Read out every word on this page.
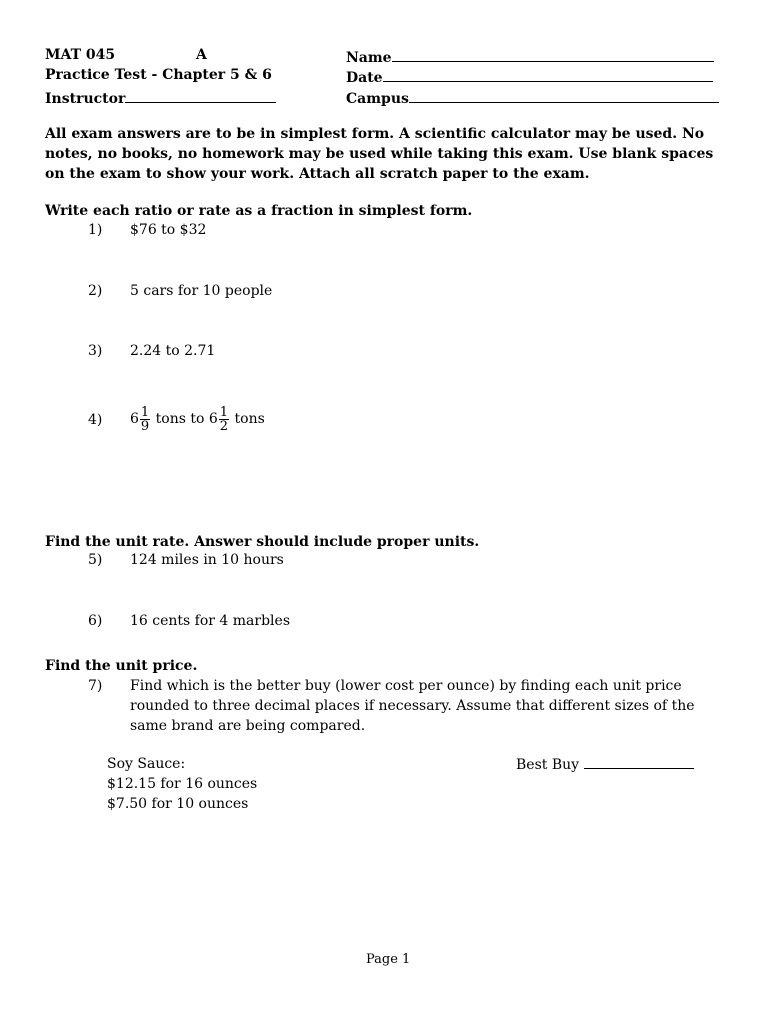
MAT 045	A
Practice Test - Chapter 5 & 6
Instructor
Name
Date
Campus
All exam answers are to be in simplest form. A scientific calculator may be used. No notes, no books, no homework may be used while taking this exam. Use blank spaces on the exam to show your work. Attach all scratch paper to the exam.
Write each ratio or rate as a fraction in simplest form.
1) $76 to $32
2) 5 cars for 10 people
3) 2.24 to 2.71
4) $6 \frac{1}{9}$ tons to $6 \frac{1}{2}$ tons
Find the unit rate. Answer should include proper units.
5) 124 miles in 10 hours
6) 16 cents for 4 marbles
Find the unit price.
7) Find which is the better buy (lower cost per ounce) by finding each unit price rounded to three decimal places if necessary. Assume that different sizes of the same brand are being compared.
Soy Sauce:
$12.15 for 16 ounces
$7.50 for 10 ounces
Best Buy
Page 1
